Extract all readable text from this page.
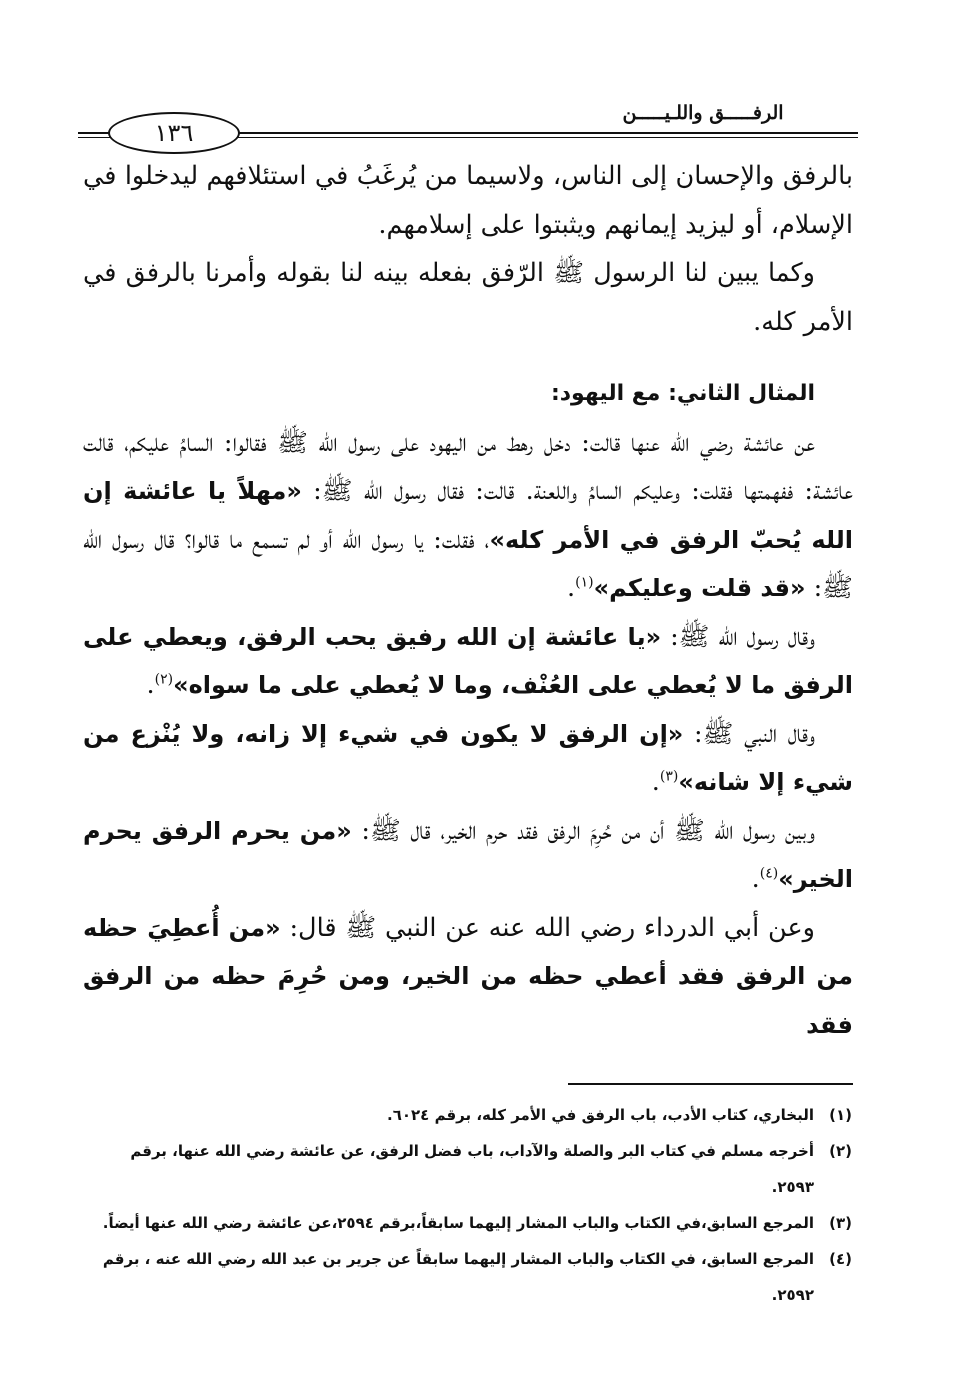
الرفـــــق واللـيـــــن
١٣٦

بالرفق والإحسان إلى الناس، ولاسيما من يُرغَبُ في استئلافهم ليدخلوا في الإسلام، أو ليزيد إيمانهم ويثبتوا على إسلامهم.

وكما يبين لنا الرسول ﷺ الرّفق بفعله بينه لنا بقوله وأمرنا بالرفق في الأمر كله.

المثال الثاني: مع اليهود:

عن عائشة رضي الله عنها قالت: دخل رهط من اليهود على رسول الله ﷺ فقالوا: السامُ عليكم، قالت عائشة: ففهمتها فقلت: وعليكم السامُ واللعنة. قالت: فقال رسول الله ﷺ: «مهلاً يا عائشة إن الله يُحبّ الرفق في الأمر كله»، فقلت: يا رسول الله أو لم تسمع ما قالوا؟ قال رسول الله ﷺ: «قد قلت وعليكم»$^{(١)}$.

وقال رسول الله ﷺ: «يا عائشة إن الله رفيق يحب الرفق، ويعطي على الرفق ما لا يُعطي على العُنْف، وما لا يُعطي على ما سواه»$^{(٢)}$.

وقال النبي ﷺ: «إن الرفق لا يكون في شيء إلا زانه، ولا يُنْزع من شيء إلا شانه»$^{(٣)}$.

وبين رسول الله ﷺ أن من حُرِمَ الرفق فقد حرم الخير، قال ﷺ: «من يحرم الرفق يحرم الخير»$^{(٤)}$.

وعن أبي الدرداء رضي الله عنه عن النبي ﷺ قال: «من أُعطِيَ حظه من الرفق فقد أعطي حظه من الخير، ومن حُرِمَ حظه من الرفق فقد

(١)البخاري، كتاب الأدب، باب الرفق في الأمر كله، برقم ٦٠٢٤.

(٢)أخرجه مسلم في كتاب البر والصلة والآداب، باب فضل الرفق، عن عائشة رضي الله عنها، برقم ٢٥٩٣.

(٣)المرجع السابق،في الكتاب والباب المشار إليهما سابقاً،برقم ٢٥٩٤،عن عائشة رضي الله عنها أيضاً.

(٤)المرجع السابق، في الكتاب والباب المشار إليهما سابقاً عن جرير بن عبد الله رضي الله عنه ، برقم ٢٥٩٢.
